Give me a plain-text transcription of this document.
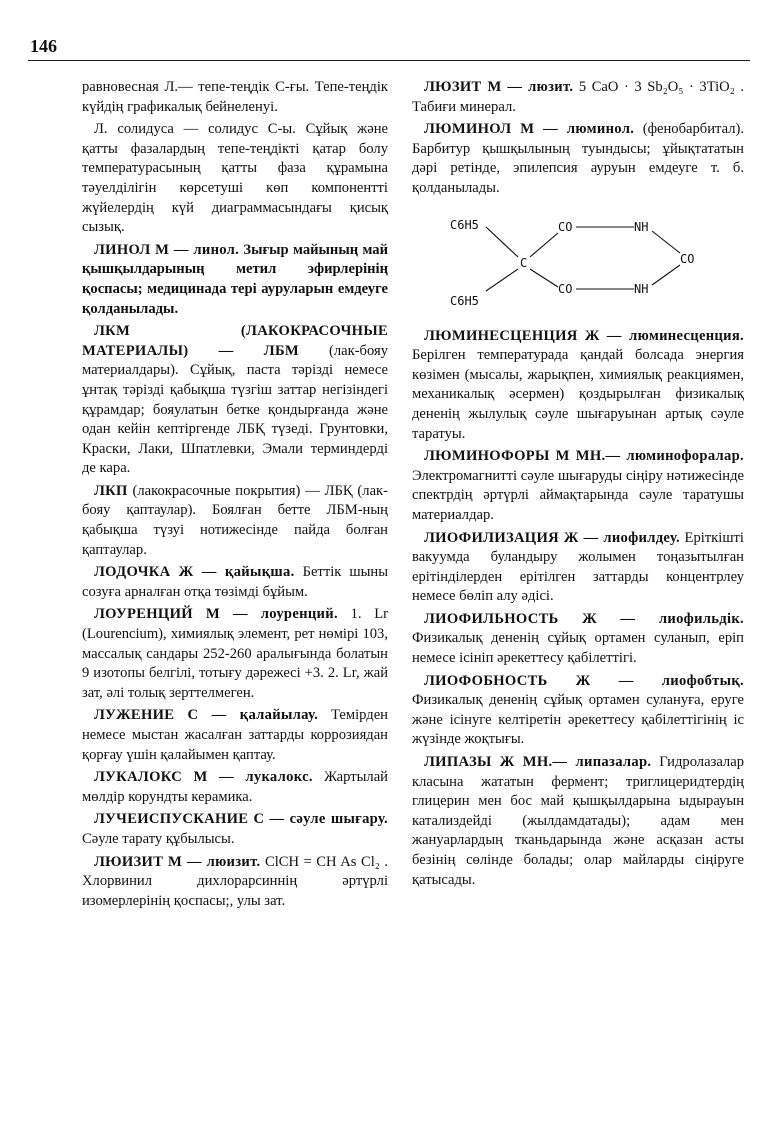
146

равновесная Л.— тепе-теңдік С-ғы. Тепе-теңдік күйдің графикалық бейнеленуі.

Л. солидуса — солидус С-ы. Сұйық және қатты фазалардың тепе-теңдікті қатар болу температурасының қатты фаза құрамына тәуелділігін көрсетуші көп компонентті жүйелердің күй диаграммасындағы қисық сызық.

ЛИНОЛ М — линол. Зығыр майының май қышқылдарының метил эфирлерінің қоспасы; медицинада тері ауруларын емдеуге қолданылады.

ЛКМ (ЛАКОКРАСОЧНЫЕ МАТЕРИАЛЫ) — ЛБМ (лак-бояу материалдары). Сұйық, паста тәрізді немесе ұнтақ тәрізді қабықша түзгіш заттар негізіндегі құрамдар; бояулатын бетке қондырғанда және одан кейін кептіргенде ЛБҚ түзеді. Грунтовки, Краски, Лаки, Шпатлевки, Эмали терминдерді де кара.

ЛКП (лакокрасочные покрытия) — ЛБҚ (лак-бояу қаптаулар). Боялған бетте ЛБМ-ның қабықша түзуі нотижесінде пайда болған қаптаулар.

ЛОДОЧКА Ж — қайықша. Беттік шыны созуға арналған отқа төзімді бұйым.

ЛОУРЕНЦИЙ М — лоуренций. 1. Lr (Lourencium), химиялық элемент, рет нөмірі 103, массалық сандары 252-260 аралығында болатын 9 изотопы белгілі, тотығу дәрежесі +3. 2. Lr, жай зат, әлі толық зерттелмеген.

ЛУЖЕНИЕ С — қалайылау. Темірден немесе мыстан жасалған заттарды коррозиядан қорғау үшін қалайымен қаптау.

ЛУКАЛОКС М — лукалокс. Жартылай мөлдір корундты керамика.

ЛУЧЕИСПУСКАНИЕ С — сәуле шығару. Сәуле тарату құбылысы.

ЛЮИЗИТ М — люизит. ClCH = CH As Cl₂ . Хлорвинил дихлорарсиннің әртүрлі изомерлерінің қоспасы;, улы зат.

ЛЮЗИТ М — люзит. 5 CaO · 3 Sb₂O₅ · 3TiO₂ . Табиғи минерал.

ЛЮМИНОЛ М — люминол. (фенобарбитал). Барбитур қышқылының туындысы; ұйықтататын дәрі ретінде, эпилепсия ауруын емдеуге т. б. қолданылады.

C6H5
C6H5
C
CO
CO
NH
NH
CO

ЛЮМИНЕСЦЕНЦИЯ Ж — люминесценция. Берілген температурада қандай болсада энергия көзімен (мысалы, жарықпен, химиялық реакциямен, механикалық әсермен) қоздырылған физикалық дененің жылулық сәуле шығаруынан артық сәуле таратуы.

ЛЮМИНОФОРЫ М МН.— люминофоралар. Электромагниттi сәуле шығаруды сіңіру нәтижесінде спектрдің әртүрлі аймақтарында сәуле таратушы материалдар.

ЛИОФИЛИЗАЦИЯ Ж — лиофилдеу. Ерiткiшті вакуумда буландыру жолымен тоңазытылған ерітінділерден ерітілген заттарды концентрлеу немесе бөліп алу әдісі.

ЛИОФИЛЬНОСТЬ Ж — лиофильдік. Физикалық дененің сұйық ортамен суланып, еріп немесе ісініп әрекеттесу қабілеттігі.

ЛИОФОБНОСТЬ Ж — лиофобтық. Физикалық дененің сұйық ортамен сулануға, еруге және ісінуге келтiретiн әрекеттесу қабiлеттiгiнiң іс жүзінде жоқтығы.

ЛИПАЗЫ Ж МН.— липазалар. Гидролазалар класына жататын фермент; триглицеридтердің глицерин мен бос май қышқылдарына ыдырауын катализдейді (жылдамдатады); адам мен жануарлардың тканьдарында және асқазан асты безінің сөлінде болады; олар майларды сіңіруге қатысады.
